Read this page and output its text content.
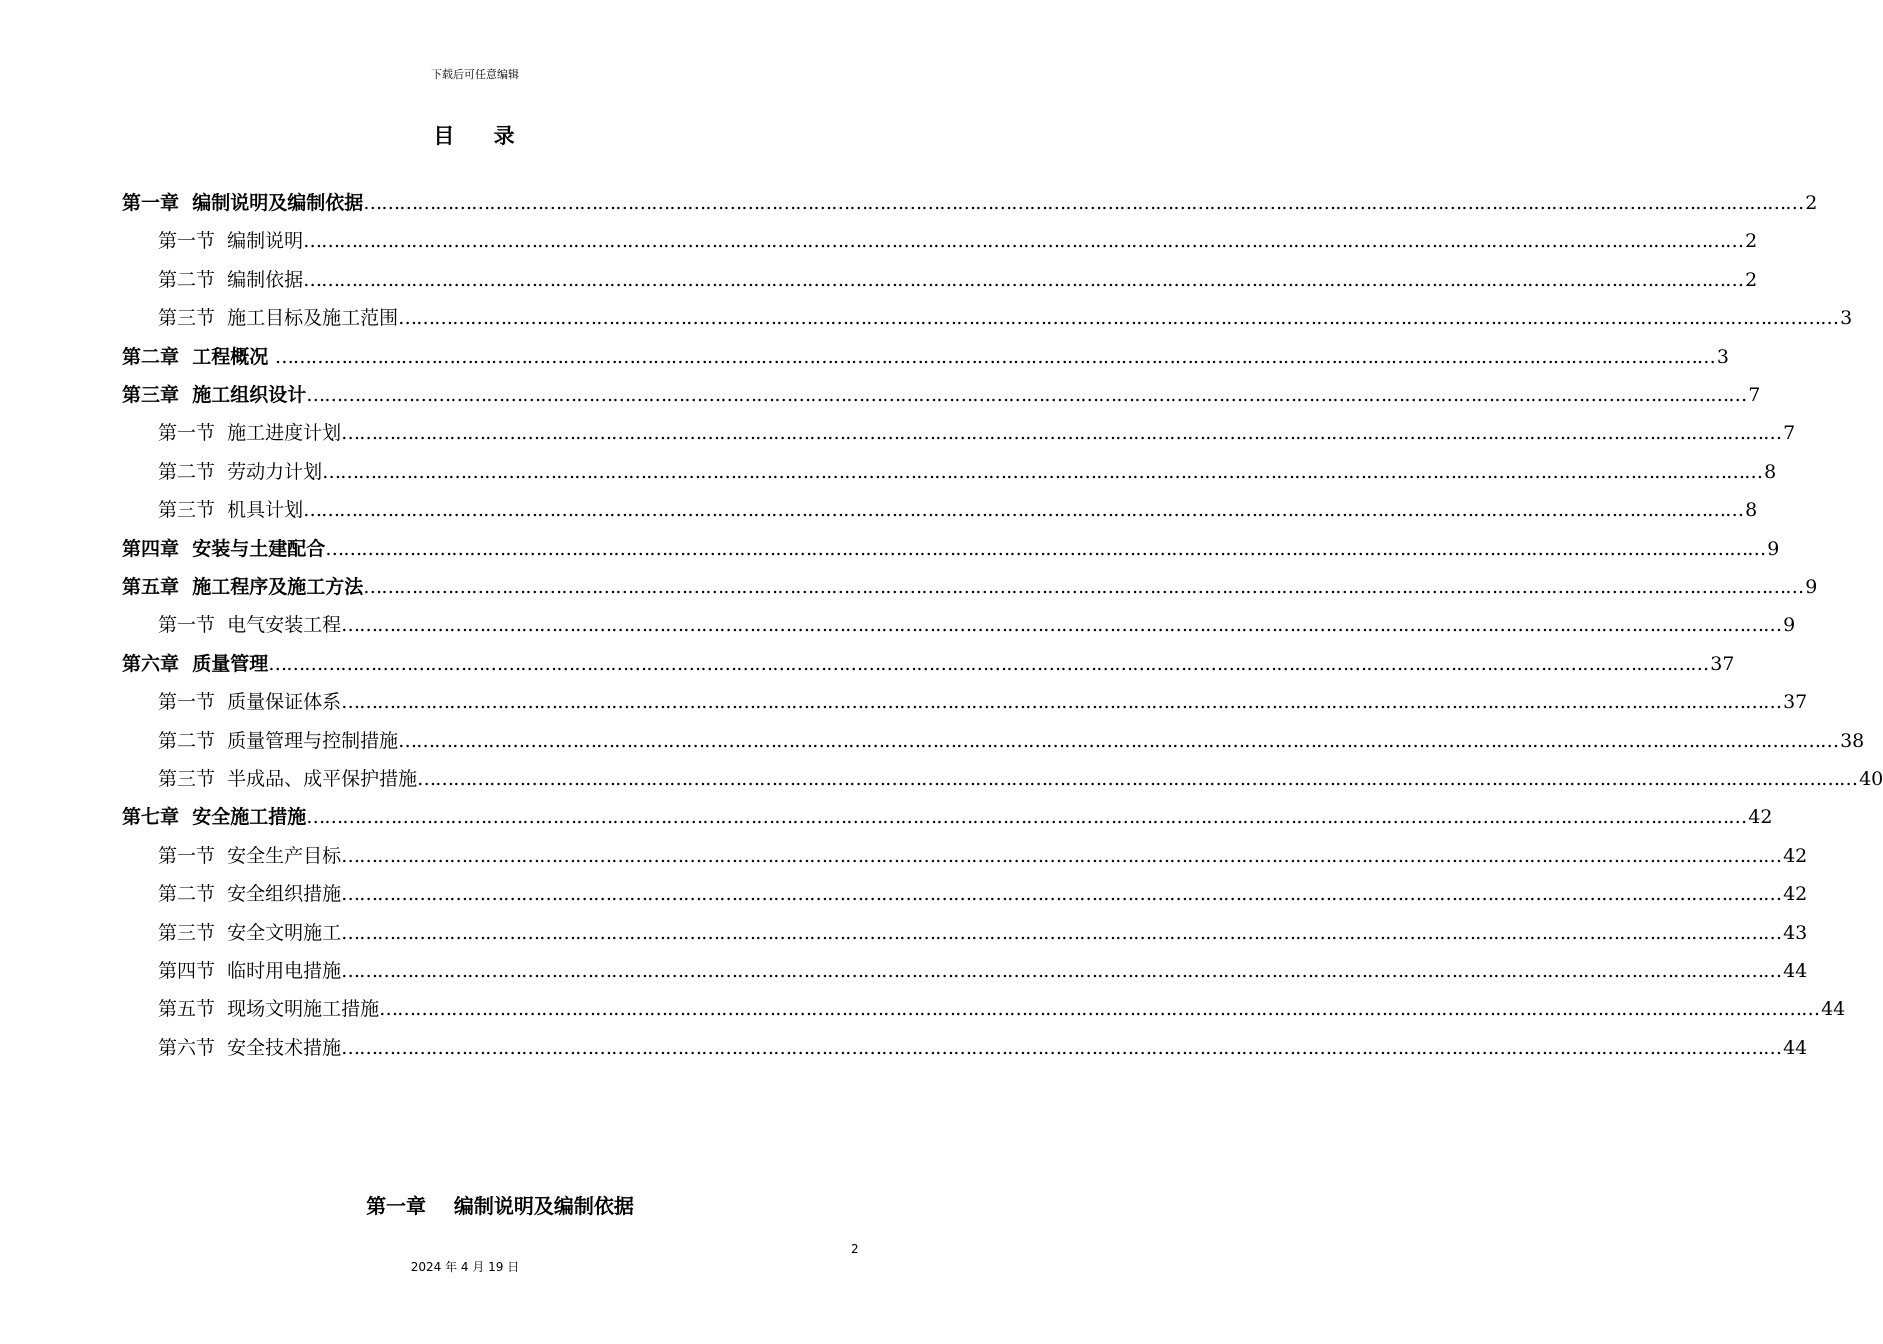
下载后可任意编辑
目    录
第一章  编制说明及编制依据 …………………………………………………………………………………………………………………………………………………………………………………………………………………… 2
第一节  编制说明 …………………………………………………………………………………………………………………………………………………………………………………………………………………… 2
第二节  编制依据 …………………………………………………………………………………………………………………………………………………………………………………………………………………… 2
第三节  施工目标及施工范围 …………………………………………………………………………………………………………………………………………………………………………………………………………………… 3
第二章  工程概况 …………………………………………………………………………………………………………………………………………………………………………………………………………………… 3
第三章  施工组织设计 …………………………………………………………………………………………………………………………………………………………………………………………………………………… 7
第一节  施工进度计划 …………………………………………………………………………………………………………………………………………………………………………………………………………………… 7
第二节  劳动力计划 …………………………………………………………………………………………………………………………………………………………………………………………………………………… 8
第三节  机具计划 …………………………………………………………………………………………………………………………………………………………………………………………………………………… 8
第四章  安装与土建配合 …………………………………………………………………………………………………………………………………………………………………………………………………………………… 9
第五章  施工程序及施工方法 …………………………………………………………………………………………………………………………………………………………………………………………………………………… 9
第一节  电气安装工程 …………………………………………………………………………………………………………………………………………………………………………………………………………………… 9
第六章  质量管理 …………………………………………………………………………………………………………………………………………………………………………………………………………………… 37
第一节  质量保证体系 …………………………………………………………………………………………………………………………………………………………………………………………………………………… 37
第二节  质量管理与控制措施 …………………………………………………………………………………………………………………………………………………………………………………………………………………… 38
第三节  半成品、成平保护措施 …………………………………………………………………………………………………………………………………………………………………………………………………………………… 40
第七章  安全施工措施 …………………………………………………………………………………………………………………………………………………………………………………………………………………… 42
第一节  安全生产目标 …………………………………………………………………………………………………………………………………………………………………………………………………………………… 42
第二节  安全组织措施 …………………………………………………………………………………………………………………………………………………………………………………………………………………… 42
第三节  安全文明施工 …………………………………………………………………………………………………………………………………………………………………………………………………………………… 43
第四节  临时用电措施 …………………………………………………………………………………………………………………………………………………………………………………………………………………… 44
第五节  现场文明施工措施 …………………………………………………………………………………………………………………………………………………………………………………………………………………… 44
第六节  安全技术措施 …………………………………………………………………………………………………………………………………………………………………………………………………………………… 44
第一章    编制说明及编制依据
2
2024 年 4 月 19 日
